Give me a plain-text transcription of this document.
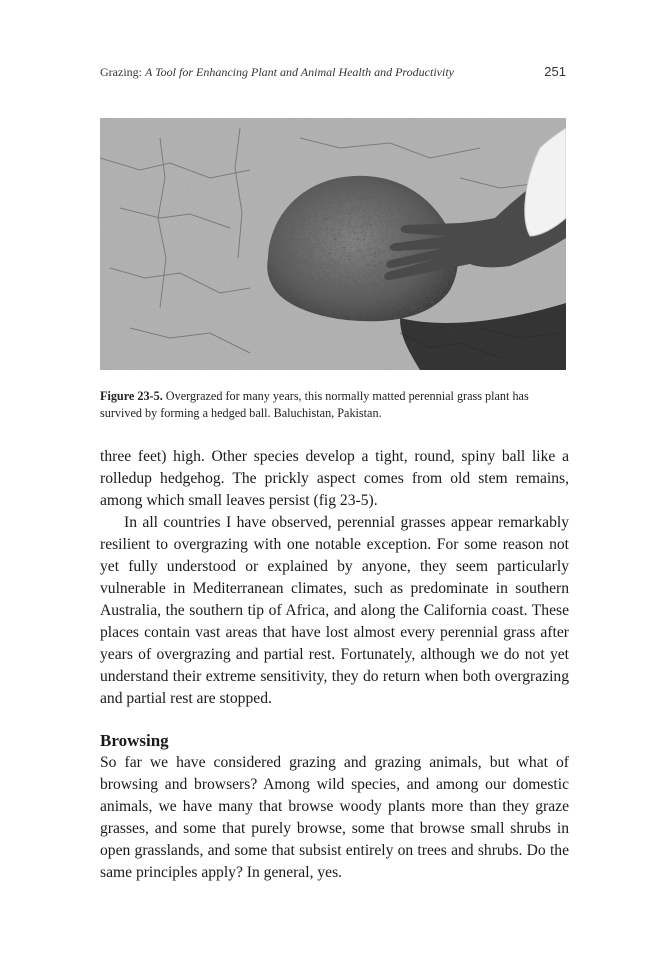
Grazing: A Tool for Enhancing Plant and Animal Health and Productivity	251
Figure 23-5. Overgrazed for many years, this normally matted perennial grass plant has survived by forming a hedged ball. Baluchistan, Pakistan.

three feet) high. Other species develop a tight, round, spiny ball like a rolledup hedgehog. The prickly aspect comes from old stem remains, among which small leaves persist (fig 23-5).

In all countries I have observed, perennial grasses appear remarkably resilient to overgrazing with one notable exception. For some reason not yet fully understood or explained by anyone, they seem particularly vulnerable in Mediterranean climates, such as predominate in southern Australia, the southern tip of Africa, and along the California coast. These places contain vast areas that have lost almost every perennial grass after years of overgrazing and partial rest. Fortunately, although we do not yet understand their extreme sensitivity, they do return when both overgrazing and partial rest are stopped.

Browsing

So far we have considered grazing and grazing animals, but what of browsing and browsers? Among wild species, and among our domestic animals, we have many that browse woody plants more than they graze grasses, and some that purely browse, some that browse small shrubs in open grasslands, and some that subsist entirely on trees and shrubs. Do the same principles apply? In general, yes.
